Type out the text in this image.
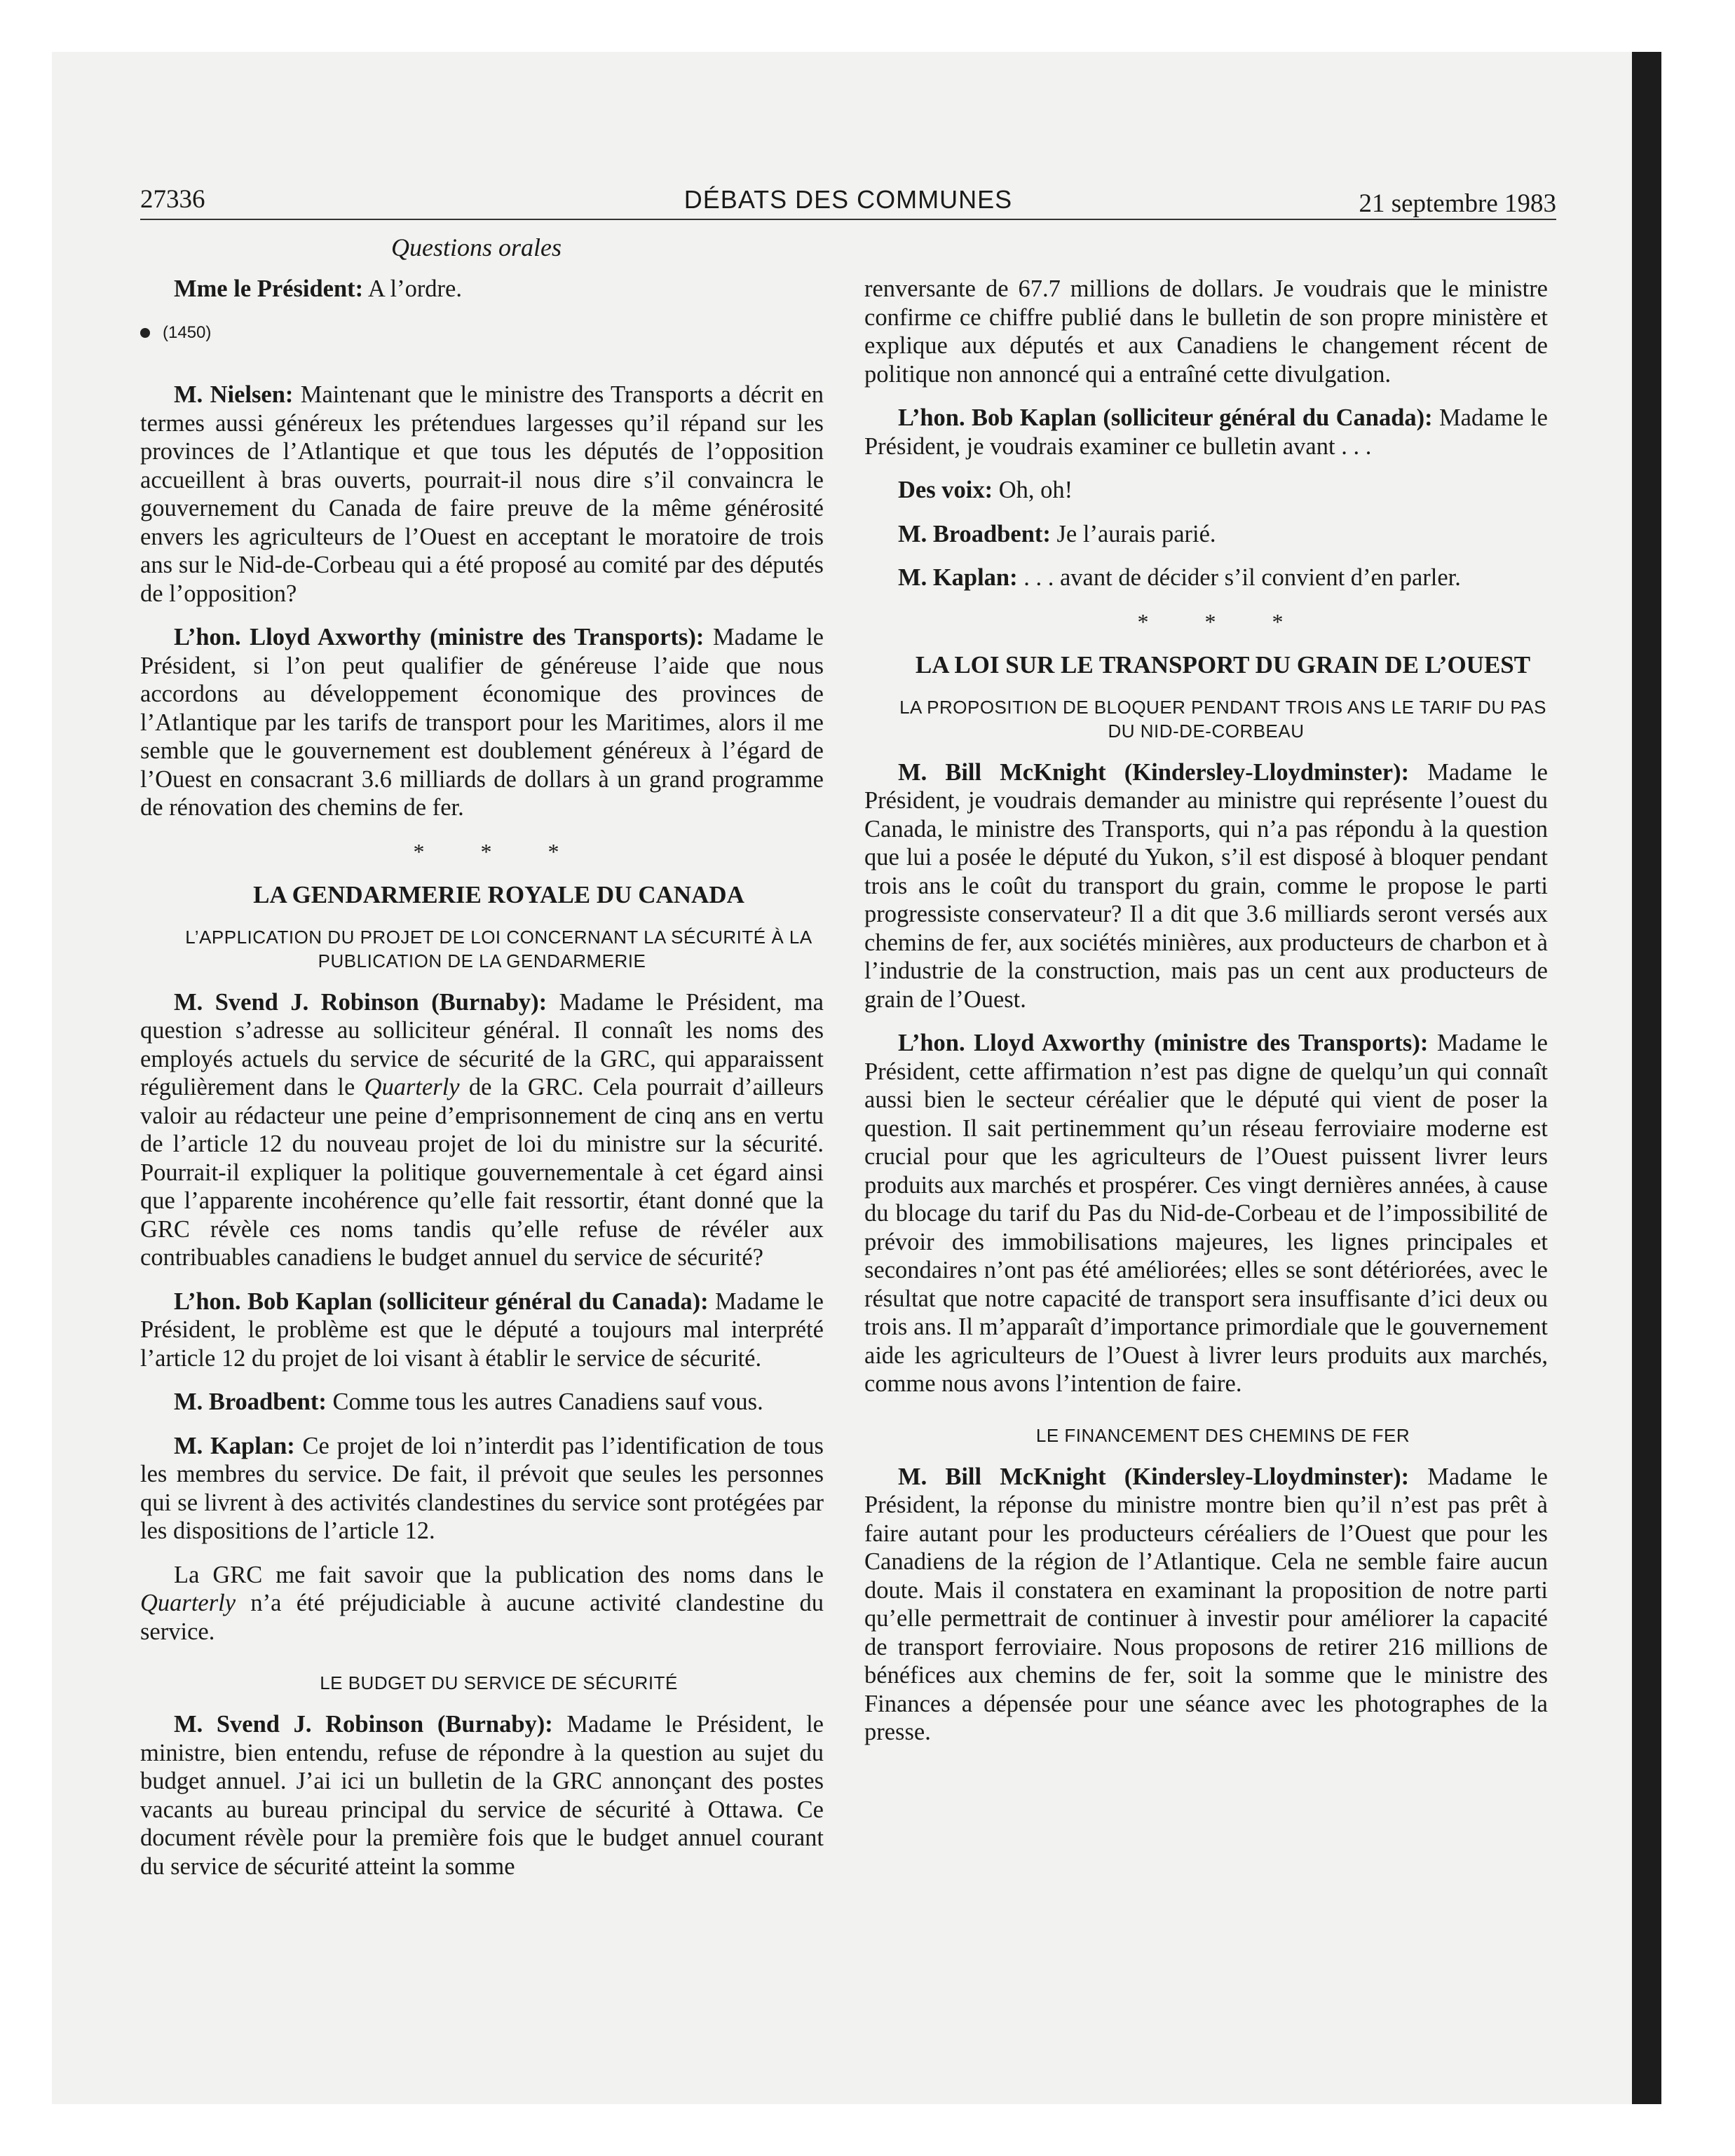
27336	DÉBATS DES COMMUNES	21 septembre 1983
Questions orales

Mme le Président: A l’ordre.

(1450)

M. Nielsen: Maintenant que le ministre des Transports a décrit en termes aussi généreux les prétendues largesses qu’il répand sur les provinces de l’Atlantique et que tous les députés de l’opposition accueillent à bras ouverts, pourrait-il nous dire s’il convaincra le gouvernement du Canada de faire preuve de la même générosité envers les agriculteurs de l’Ouest en acceptant le moratoire de trois ans sur le Nid-de-Corbeau qui a été proposé au comité par des députés de l’opposition?

L’hon. Lloyd Axworthy (ministre des Transports): Madame le Président, si l’on peut qualifier de généreuse l’aide que nous accordons au développement économique des provinces de l’Atlantique par les tarifs de transport pour les Maritimes, alors il me semble que le gouvernement est doublement généreux à l’égard de l’Ouest en consacrant 3.6 milliards de dollars à un grand programme de rénovation des chemins de fer.

* * *

LA GENDARMERIE ROYALE DU CANADA

L’APPLICATION DU PROJET DE LOI CONCERNANT LA SÉCURITÉ À LA PUBLICATION DE LA GENDARMERIE

M. Svend J. Robinson (Burnaby): Madame le Président, ma question s’adresse au solliciteur général. Il connaît les noms des employés actuels du service de sécurité de la GRC, qui apparaissent régulièrement dans le Quarterly de la GRC. Cela pourrait d’ailleurs valoir au rédacteur une peine d’emprisonnement de cinq ans en vertu de l’article 12 du nouveau projet de loi du ministre sur la sécurité. Pourrait-il expliquer la politique gouvernementale à cet égard ainsi que l’apparente incohérence qu’elle fait ressortir, étant donné que la GRC révèle ces noms tandis qu’elle refuse de révéler aux contribuables canadiens le budget annuel du service de sécurité?

L’hon. Bob Kaplan (solliciteur général du Canada): Madame le Président, le problème est que le député a toujours mal interprété l’article 12 du projet de loi visant à établir le service de sécurité.

M. Broadbent: Comme tous les autres Canadiens sauf vous.

M. Kaplan: Ce projet de loi n’interdit pas l’identification de tous les membres du service. De fait, il prévoit que seules les personnes qui se livrent à des activités clandestines du service sont protégées par les dispositions de l’article 12.

La GRC me fait savoir que la publication des noms dans le Quarterly n’a été préjudiciable à aucune activité clandestine du service.

LE BUDGET DU SERVICE DE SÉCURITÉ

M. Svend J. Robinson (Burnaby): Madame le Président, le ministre, bien entendu, refuse de répondre à la question au sujet du budget annuel. J’ai ici un bulletin de la GRC annonçant des postes vacants au bureau principal du service de sécurité à Ottawa. Ce document révèle pour la première fois que le budget annuel courant du service de sécurité atteint la somme

renversante de 67.7 millions de dollars. Je voudrais que le ministre confirme ce chiffre publié dans le bulletin de son propre ministère et explique aux députés et aux Canadiens le changement récent de politique non annoncé qui a entraîné cette divulgation.

L’hon. Bob Kaplan (solliciteur général du Canada): Madame le Président, je voudrais examiner ce bulletin avant . . .

Des voix: Oh, oh!

M. Broadbent: Je l’aurais parié.

M. Kaplan: . . . avant de décider s’il convient d’en parler.

* * *

LA LOI SUR LE TRANSPORT DU GRAIN DE L’OUEST

LA PROPOSITION DE BLOQUER PENDANT TROIS ANS LE TARIF DU PAS DU NID-DE-CORBEAU

M. Bill McKnight (Kindersley-Lloydminster): Madame le Président, je voudrais demander au ministre qui représente l’ouest du Canada, le ministre des Transports, qui n’a pas répondu à la question que lui a posée le député du Yukon, s’il est disposé à bloquer pendant trois ans le coût du transport du grain, comme le propose le parti progressiste conservateur? Il a dit que 3.6 milliards seront versés aux chemins de fer, aux sociétés minières, aux producteurs de charbon et à l’industrie de la construction, mais pas un cent aux producteurs de grain de l’Ouest.

L’hon. Lloyd Axworthy (ministre des Transports): Madame le Président, cette affirmation n’est pas digne de quelqu’un qui connaît aussi bien le secteur céréalier que le député qui vient de poser la question. Il sait pertinemment qu’un réseau ferroviaire moderne est crucial pour que les agriculteurs de l’Ouest puissent livrer leurs produits aux marchés et prospérer. Ces vingt dernières années, à cause du blocage du tarif du Pas du Nid-de-Corbeau et de l’impossibilité de prévoir des immobilisations majeures, les lignes principales et secondaires n’ont pas été améliorées; elles se sont détériorées, avec le résultat que notre capacité de transport sera insuffisante d’ici deux ou trois ans. Il m’apparaît d’importance primordiale que le gouvernement aide les agriculteurs de l’Ouest à livrer leurs produits aux marchés, comme nous avons l’intention de faire.

LE FINANCEMENT DES CHEMINS DE FER

M. Bill McKnight (Kindersley-Lloydminster): Madame le Président, la réponse du ministre montre bien qu’il n’est pas prêt à faire autant pour les producteurs céréaliers de l’Ouest que pour les Canadiens de la région de l’Atlantique. Cela ne semble faire aucun doute. Mais il constatera en examinant la proposition de notre parti qu’elle permettrait de continuer à investir pour améliorer la capacité de transport ferroviaire. Nous proposons de retirer 216 millions de bénéfices aux chemins de fer, soit la somme que le ministre des Finances a dépensée pour une séance avec les photographes de la presse.
